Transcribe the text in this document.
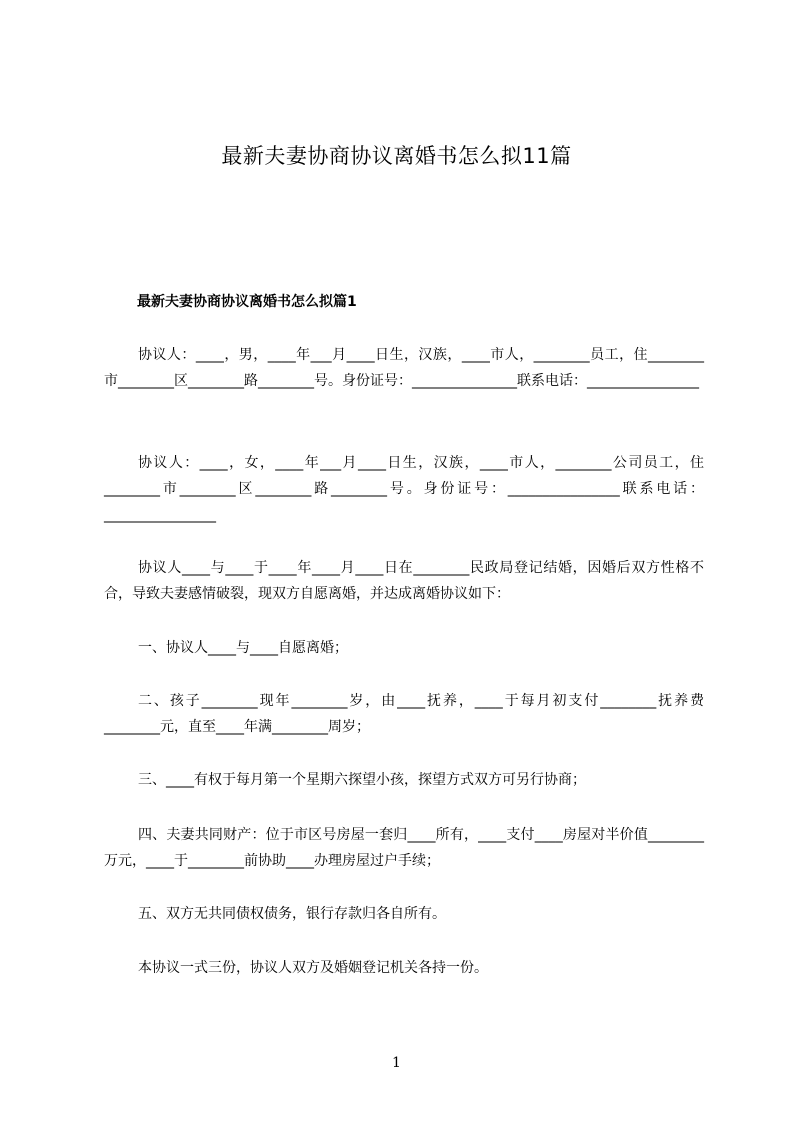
最新夫妻协商协议离婚书怎么拟11篇
最新夫妻协商协议离婚书怎么拟篇1
协议人：____，男，____年___月____日生，汉族，____市人，________员工，住________市________区________路________号。身份证号：_______________联系电话：________________
协议人：____，女，____年___月____日生，汉族，____市人，________公司员工，住________市________区________路________号。身份证号：________________联系电话：________________
协议人____与____于____年____月____日在________民政局登记结婚，因婚后双方性格不合，导致夫妻感情破裂，现双方自愿离婚，并达成离婚协议如下：
一、协议人____与____自愿离婚；
二、孩子________现年________岁，由____抚养，____于每月初支付________抚养费________元，直至____年满________周岁；
三、____有权于每月第一个星期六探望小孩，探望方式双方可另行协商；
四、夫妻共同财产：位于市区号房屋一套归____所有，____支付____房屋对半价值________万元，____于________前协助____办理房屋过户手续；
五、双方无共同债权债务，银行存款归各自所有。
本协议一式三份，协议人双方及婚姻登记机关各持一份。
1
